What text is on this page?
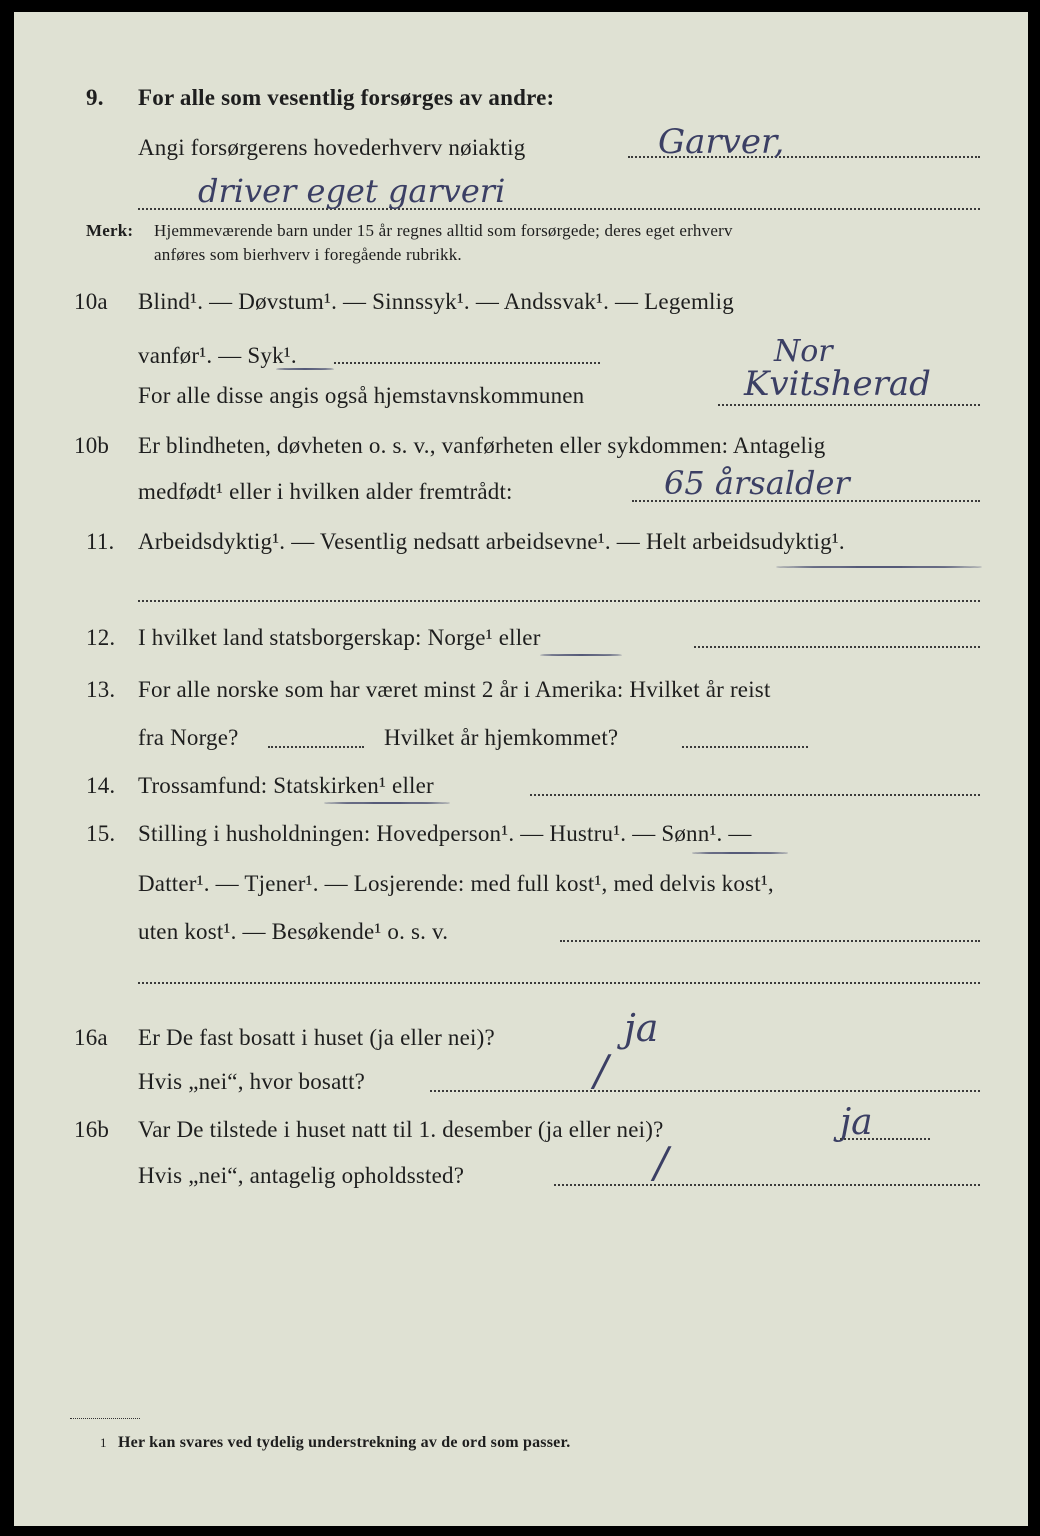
9. For alle som vesentlig forsørges av andre:
Angi forsørgerens hovederhverv nøiaktig	Garver,
driver eget garveri
Merk: Hjemmeværende barn under 15 år regnes alltid som forsørgede; deres eget erhverv
anføres som bierhverv i foregående rubrikk.
10a Blind¹. — Døvstum¹. — Sinnssyk¹. — Andssvak¹. — Legemlig
vanfør¹. — Syk¹.	Nor
For alle disse angis også hjemstavnskommunen	Kvitsherad
10b Er blindheten, døvheten o. s. v., vanførheten eller sykdommen: Antagelig
medfødt¹ eller i hvilken alder fremtrådt:	65 årsalder
11. Arbeidsdyktig¹. — Vesentlig nedsatt arbeidsevne¹. — Helt arbeidsudyktig¹.
12. I hvilket land statsborgerskap: Norge¹ eller
13. For alle norske som har været minst 2 år i Amerika: Hvilket år reist
fra Norge?	Hvilket år hjemkommet?
14. Trossamfund: Statskirken¹ eller
15. Stilling i husholdningen: Hovedperson¹. — Hustru¹. — Sønn¹. —
Datter¹. — Tjener¹. — Losjerende: med full kost¹, med delvis kost¹,
uten kost¹. — Besøkende¹ o. s. v.
16a Er De fast bosatt i huset (ja eller nei)?	ja
Hvis „nei“, hvor bosatt?	/
16b Var De tilstede i huset natt til 1. desember (ja eller nei)?	ja
Hvis „nei“, antagelig opholdssted?	/
1 Her kan svares ved tydelig understrekning av de ord som passer.
